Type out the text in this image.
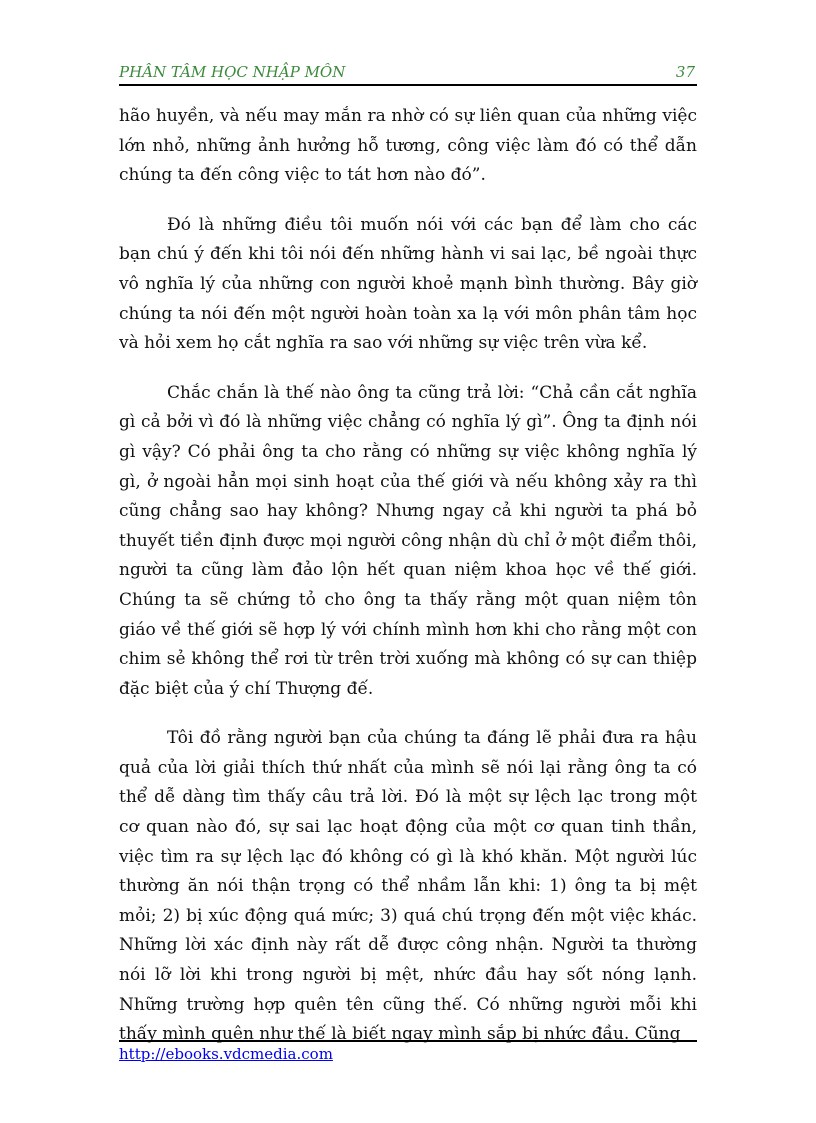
PHÂN TÂM HỌC NHẬP MÔN	37

hão huyền, và nếu may mắn ra nhờ có sự liên quan của những việc lớn nhỏ, những ảnh hưởng hỗ tương, công việc làm đó có thể dẫn chúng ta đến công việc to tát hơn nào đó”.

Đó là những điều tôi muốn nói với các bạn để làm cho các bạn chú ý đến khi tôi nói đến những hành vi sai lạc, bề ngoài thực vô nghĩa lý của những con người khoẻ mạnh bình thường. Bây giờ chúng ta nói đến một người hoàn toàn xa lạ với môn phân tâm học và hỏi xem họ cắt nghĩa ra sao với những sự việc trên vừa kể.

Chắc chắn là thế nào ông ta cũng trả lời: “Chả cần cắt nghĩa gì cả bởi vì đó là những việc chẳng có nghĩa lý gì”. Ông ta định nói gì vậy? Có phải ông ta cho rằng có những sự việc không nghĩa lý gì, ở ngoài hẳn mọi sinh hoạt của thế giới và nếu không xảy ra thì cũng chẳng sao hay không? Nhưng ngay cả khi người ta phá bỏ thuyết tiền định được mọi người công nhận dù chỉ ở một điểm thôi, người ta cũng làm đảo lộn hết quan niệm khoa học về thế giới. Chúng ta sẽ chứng tỏ cho ông ta thấy rằng một quan niệm tôn giáo về thế giới sẽ hợp lý với chính mình hơn khi cho rằng một con chim sẻ không thể rơi từ trên trời xuống mà không có sự can thiệp đặc biệt của ý chí Thượng đế.

Tôi đồ rằng người bạn của chúng ta đáng lẽ phải đưa ra hậu quả của lời giải thích thứ nhất của mình sẽ nói lại rằng ông ta có thể dễ dàng tìm thấy câu trả lời. Đó là một sự lệch lạc trong một cơ quan nào đó, sự sai lạc hoạt động của một cơ quan tinh thần, việc tìm ra sự lệch lạc đó không có gì là khó khăn. Một người lúc thường ăn nói thận trọng có thể nhầm lẫn khi: 1) ông ta bị mệt mỏi; 2) bị xúc động quá mức; 3) quá chú trọng đến một việc khác. Những lời xác định này rất dễ được công nhận. Người ta thường nói lỡ lời khi trong người bị mệt, nhức đầu hay sốt nóng lạnh. Những trường hợp quên tên cũng thế. Có những người mỗi khi thấy mình quên như thế là biết ngay mình sắp bị nhức đầu. Cũng

http://ebooks.vdcmedia.com
